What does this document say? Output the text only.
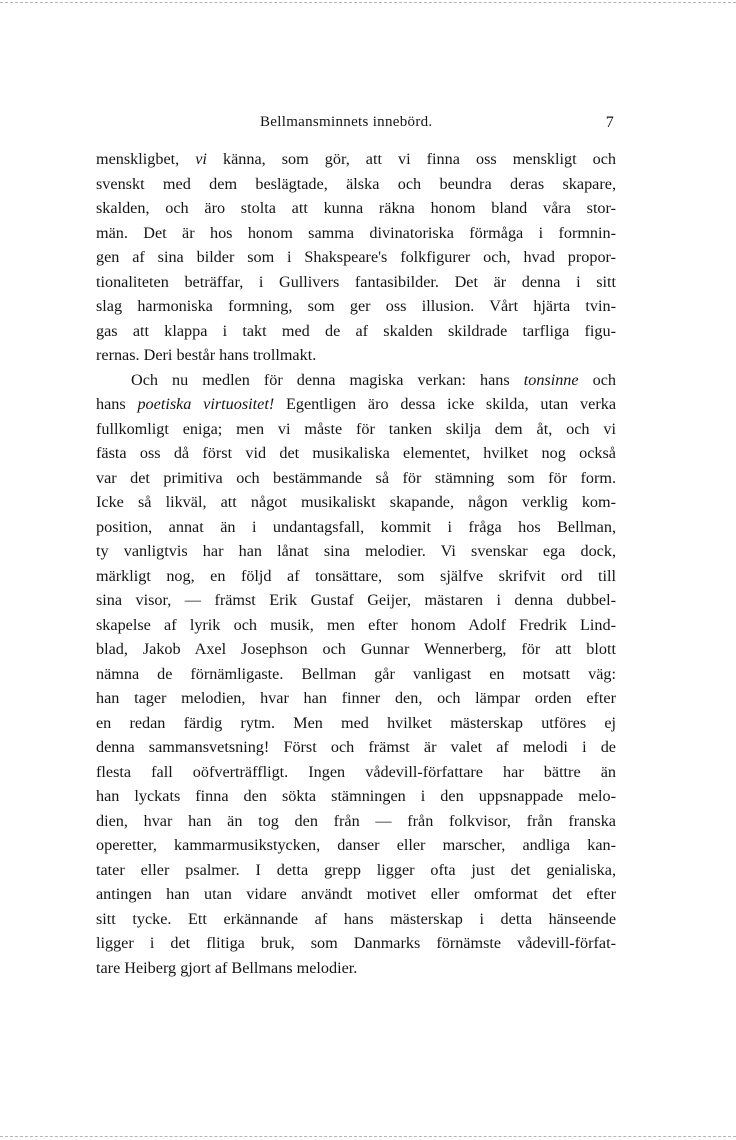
Bellmansminnets innebörd.	7
menskligbet, vi känna, som gör, att vi finna oss menskligt och
svenskt med dem beslägtade, älska och beundra deras skapare,
skalden, och äro stolta att kunna räkna honom bland våra stor-
män. Det är hos honom samma divinatoriska förmåga i formnin-
gen af sina bilder som i Shakspeare's folkfigurer och, hvad propor-
tionaliteten beträffar, i Gullivers fantasibilder. Det är denna i sitt
slag harmoniska formning, som ger oss illusion. Vårt hjärta tvin-
gas att klappa i takt med de af skalden skildrade tarfliga figu-
rernas. Deri består hans trollmakt.
Och nu medlen för denna magiska verkan: hans tonsinne och
hans poetiska virtuositet! Egentligen äro dessa icke skilda, utan verka
fullkomligt eniga; men vi måste för tanken skilja dem åt, och vi
fästa oss då först vid det musikaliska elementet, hvilket nog också
var det primitiva och bestämmande så för stämning som för form.
Icke så likväl, att något musikaliskt skapande, någon verklig kom-
position, annat än i undantagsfall, kommit i fråga hos Bellman,
ty vanligtvis har han lånat sina melodier. Vi svenskar ega dock,
märkligt nog, en följd af tonsättare, som själfve skrifvit ord till
sina visor, — främst Erik Gustaf Geijer, mästaren i denna dubbel-
skapelse af lyrik och musik, men efter honom Adolf Fredrik Lind-
blad, Jakob Axel Josephson och Gunnar Wennerberg, för att blott
nämna de förnämligaste. Bellman går vanligast en motsatt väg:
han tager melodien, hvar han finner den, och lämpar orden efter
en redan färdig rytm. Men med hvilket mästerskap utföres ej
denna sammansvetsning! Först och främst är valet af melodi i de
flesta fall oöfverträffligt. Ingen vådevill-författare har bättre än
han lyckats finna den sökta stämningen i den uppsnappade melo-
dien, hvar han än tog den från — från folkvisor, från franska
operetter, kammarmusikstycken, danser eller marscher, andliga kan-
tater eller psalmer. I detta grepp ligger ofta just det genialiska,
antingen han utan vidare användt motivet eller omformat det efter
sitt tycke. Ett erkännande af hans mästerskap i detta hänseende
ligger i det flitiga bruk, som Danmarks förnämste vådevill-förfat-
tare Heiberg gjort af Bellmans melodier.
